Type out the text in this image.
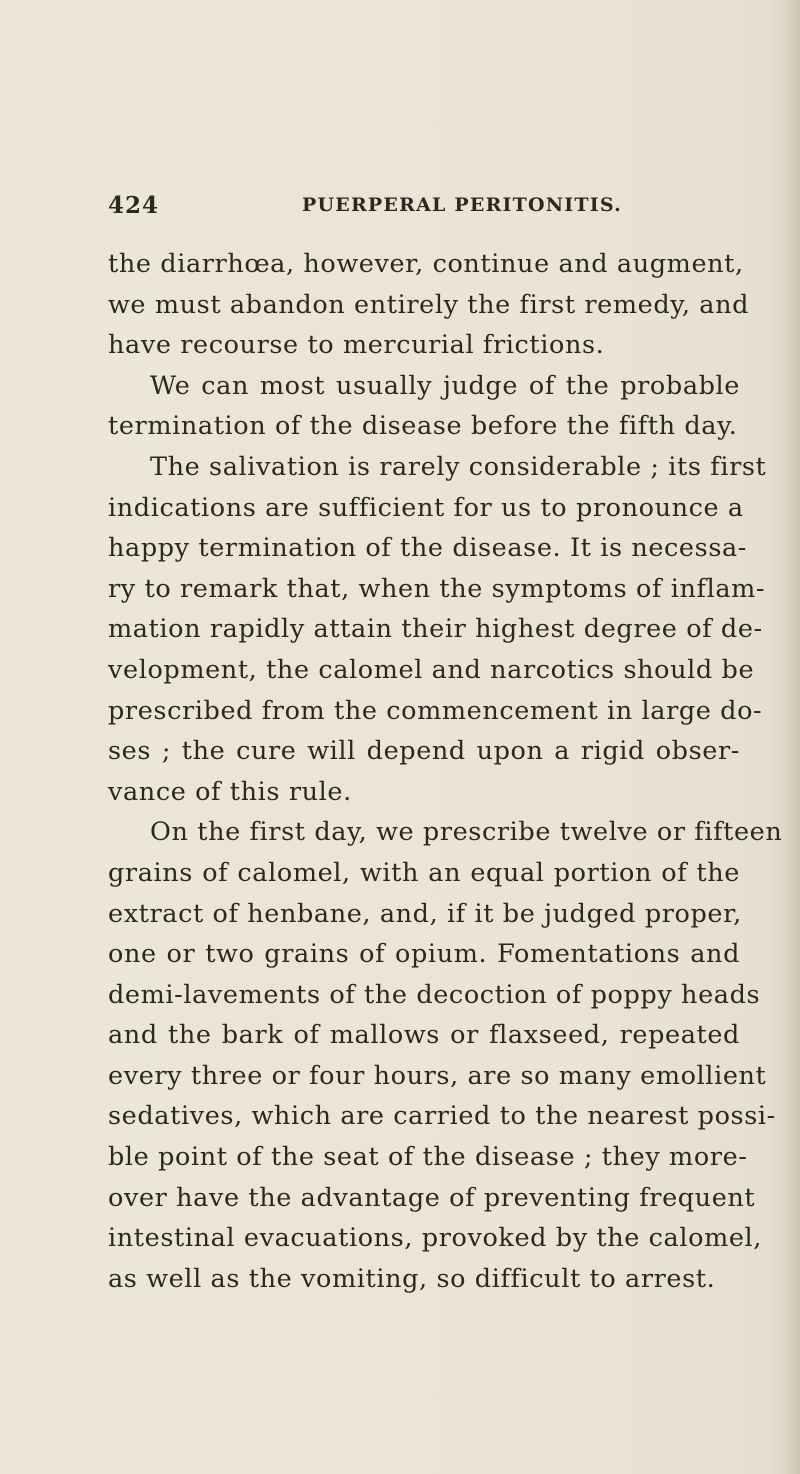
424	PUERPERAL PERITONITIS.
the diarrhœa, however, continue and augment,
we must abandon entirely the first remedy, and
have recourse to mercurial frictions.
We can most usually judge of the probable
termination of the disease before the fifth day.
The salivation is rarely considerable ; its first
indications are sufficient for us to pronounce a
happy termination of the disease. It is necessa-
ry to remark that, when the symptoms of inflam-
mation rapidly attain their highest degree of de-
velopment, the calomel and narcotics should be
prescribed from the commencement in large do-
ses ; the cure will depend upon a rigid obser-
vance of this rule.
On the first day, we prescribe twelve or fifteen
grains of calomel, with an equal portion of the
extract of henbane, and, if it be judged proper,
one or two grains of opium. Fomentations and
demi-lavements of the decoction of poppy heads
and the bark of mallows or flaxseed, repeated
every three or four hours, are so many emollient
sedatives, which are carried to the nearest possi-
ble point of the seat of the disease ; they more-
over have the advantage of preventing frequent
intestinal evacuations, provoked by the calomel,
as well as the vomiting, so difficult to arrest.
